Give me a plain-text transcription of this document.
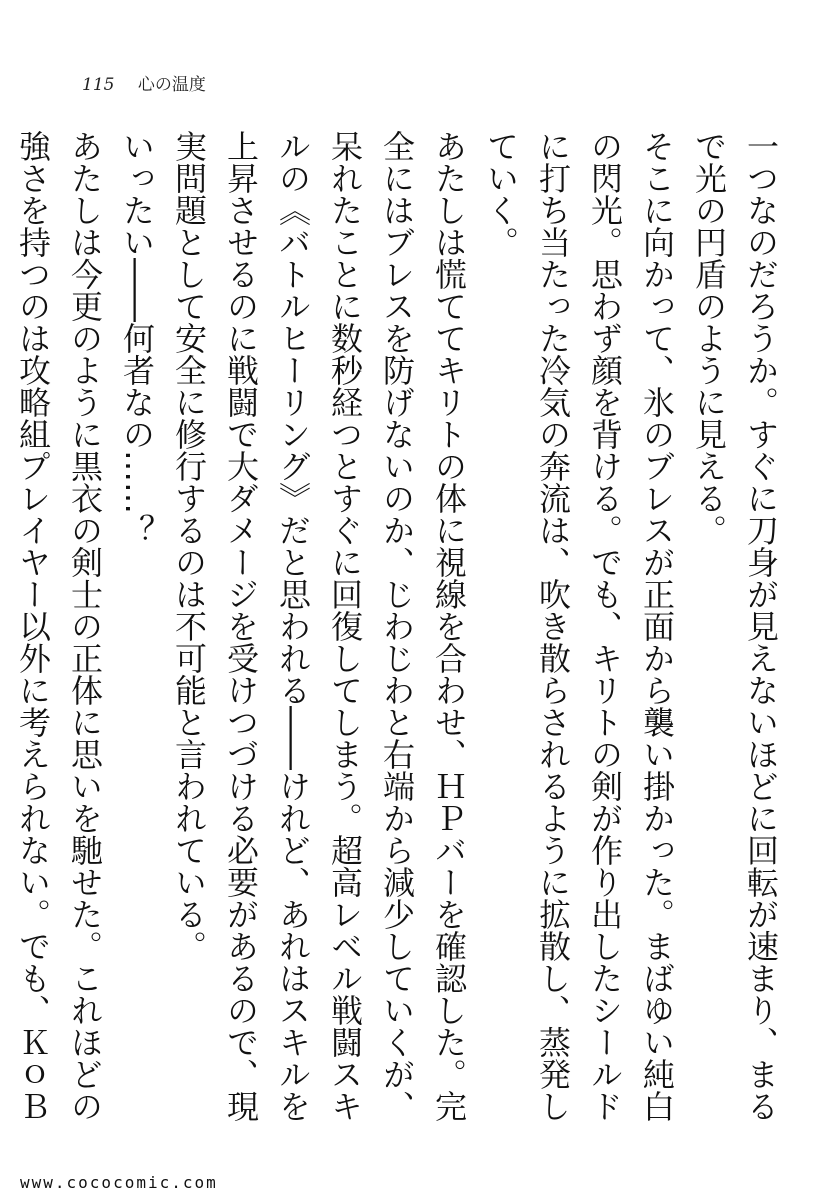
115 心の温度

一つなのだろうか。すぐに刀身が見えないほどに回転が速まり、まるで光の円盾のように見える。

そこに向かって、氷のブレスが正面から襲い掛かった。まばゆい純白の閃光。思わず顔を背ける。でも、キリトの剣が作り出したシールドに打ち当たった冷気の奔流は、吹き散らされるように拡散し、蒸発していく。

あたしは慌ててキリトの体に視線を合わせ、ＨＰバーを確認した。完全にはブレスを防げないのか、じわじわと右端から減少していくが、呆れたことに数秒経つとすぐに回復してしまう。超高レベル戦闘スキルの《バトルヒーリング》だと思われる――けれど、あれはスキルを上昇させるのに戦闘で大ダメージを受けつづける必要があるので、現実問題として安全に修行するのは不可能と言われている。

いったい――何者なの……？

あたしは今更のように黒衣の剣士の正体に思いを馳せた。これほどの強さを持つのは攻略組プレイヤー以外に考えられない。でも、ＫｏＢ

www.cococomic.com
